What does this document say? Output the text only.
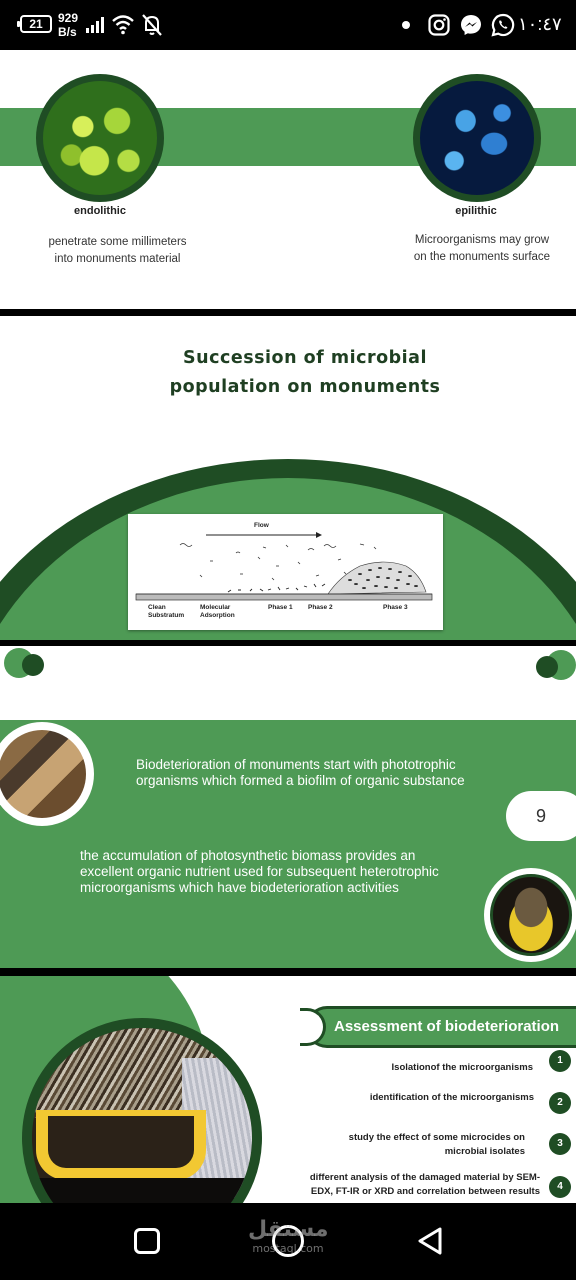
21	929
B/s	١٠:٤٧
endolithic	epilithic
penetrate some millimeters
into monuments material
Microorganisms may grow
on the monuments surface
Succession of microbial
population on monuments
Flow
Clean
Substratum
Molecular
Adsorption
Phase 1 Phase 2	Phase 3
Biodeterioration of monuments start with phototrophic
organisms which formed a biofilm of organic substance
9
the accumulation of photosynthetic biomass provides an
excellent organic nutrient used for subsequent heterotrophic
microorganisms which have biodeterioration activities
Assessment of biodeterioration
Isolationof the microorganisms
1
identification of the microorganisms	2
study the effect of some microcides on
microbial isolates
3
different analysis of the damaged material by SEM-
EDX, FT-IR or XRD and correlation between results	4
مستقل
mostaql.com
